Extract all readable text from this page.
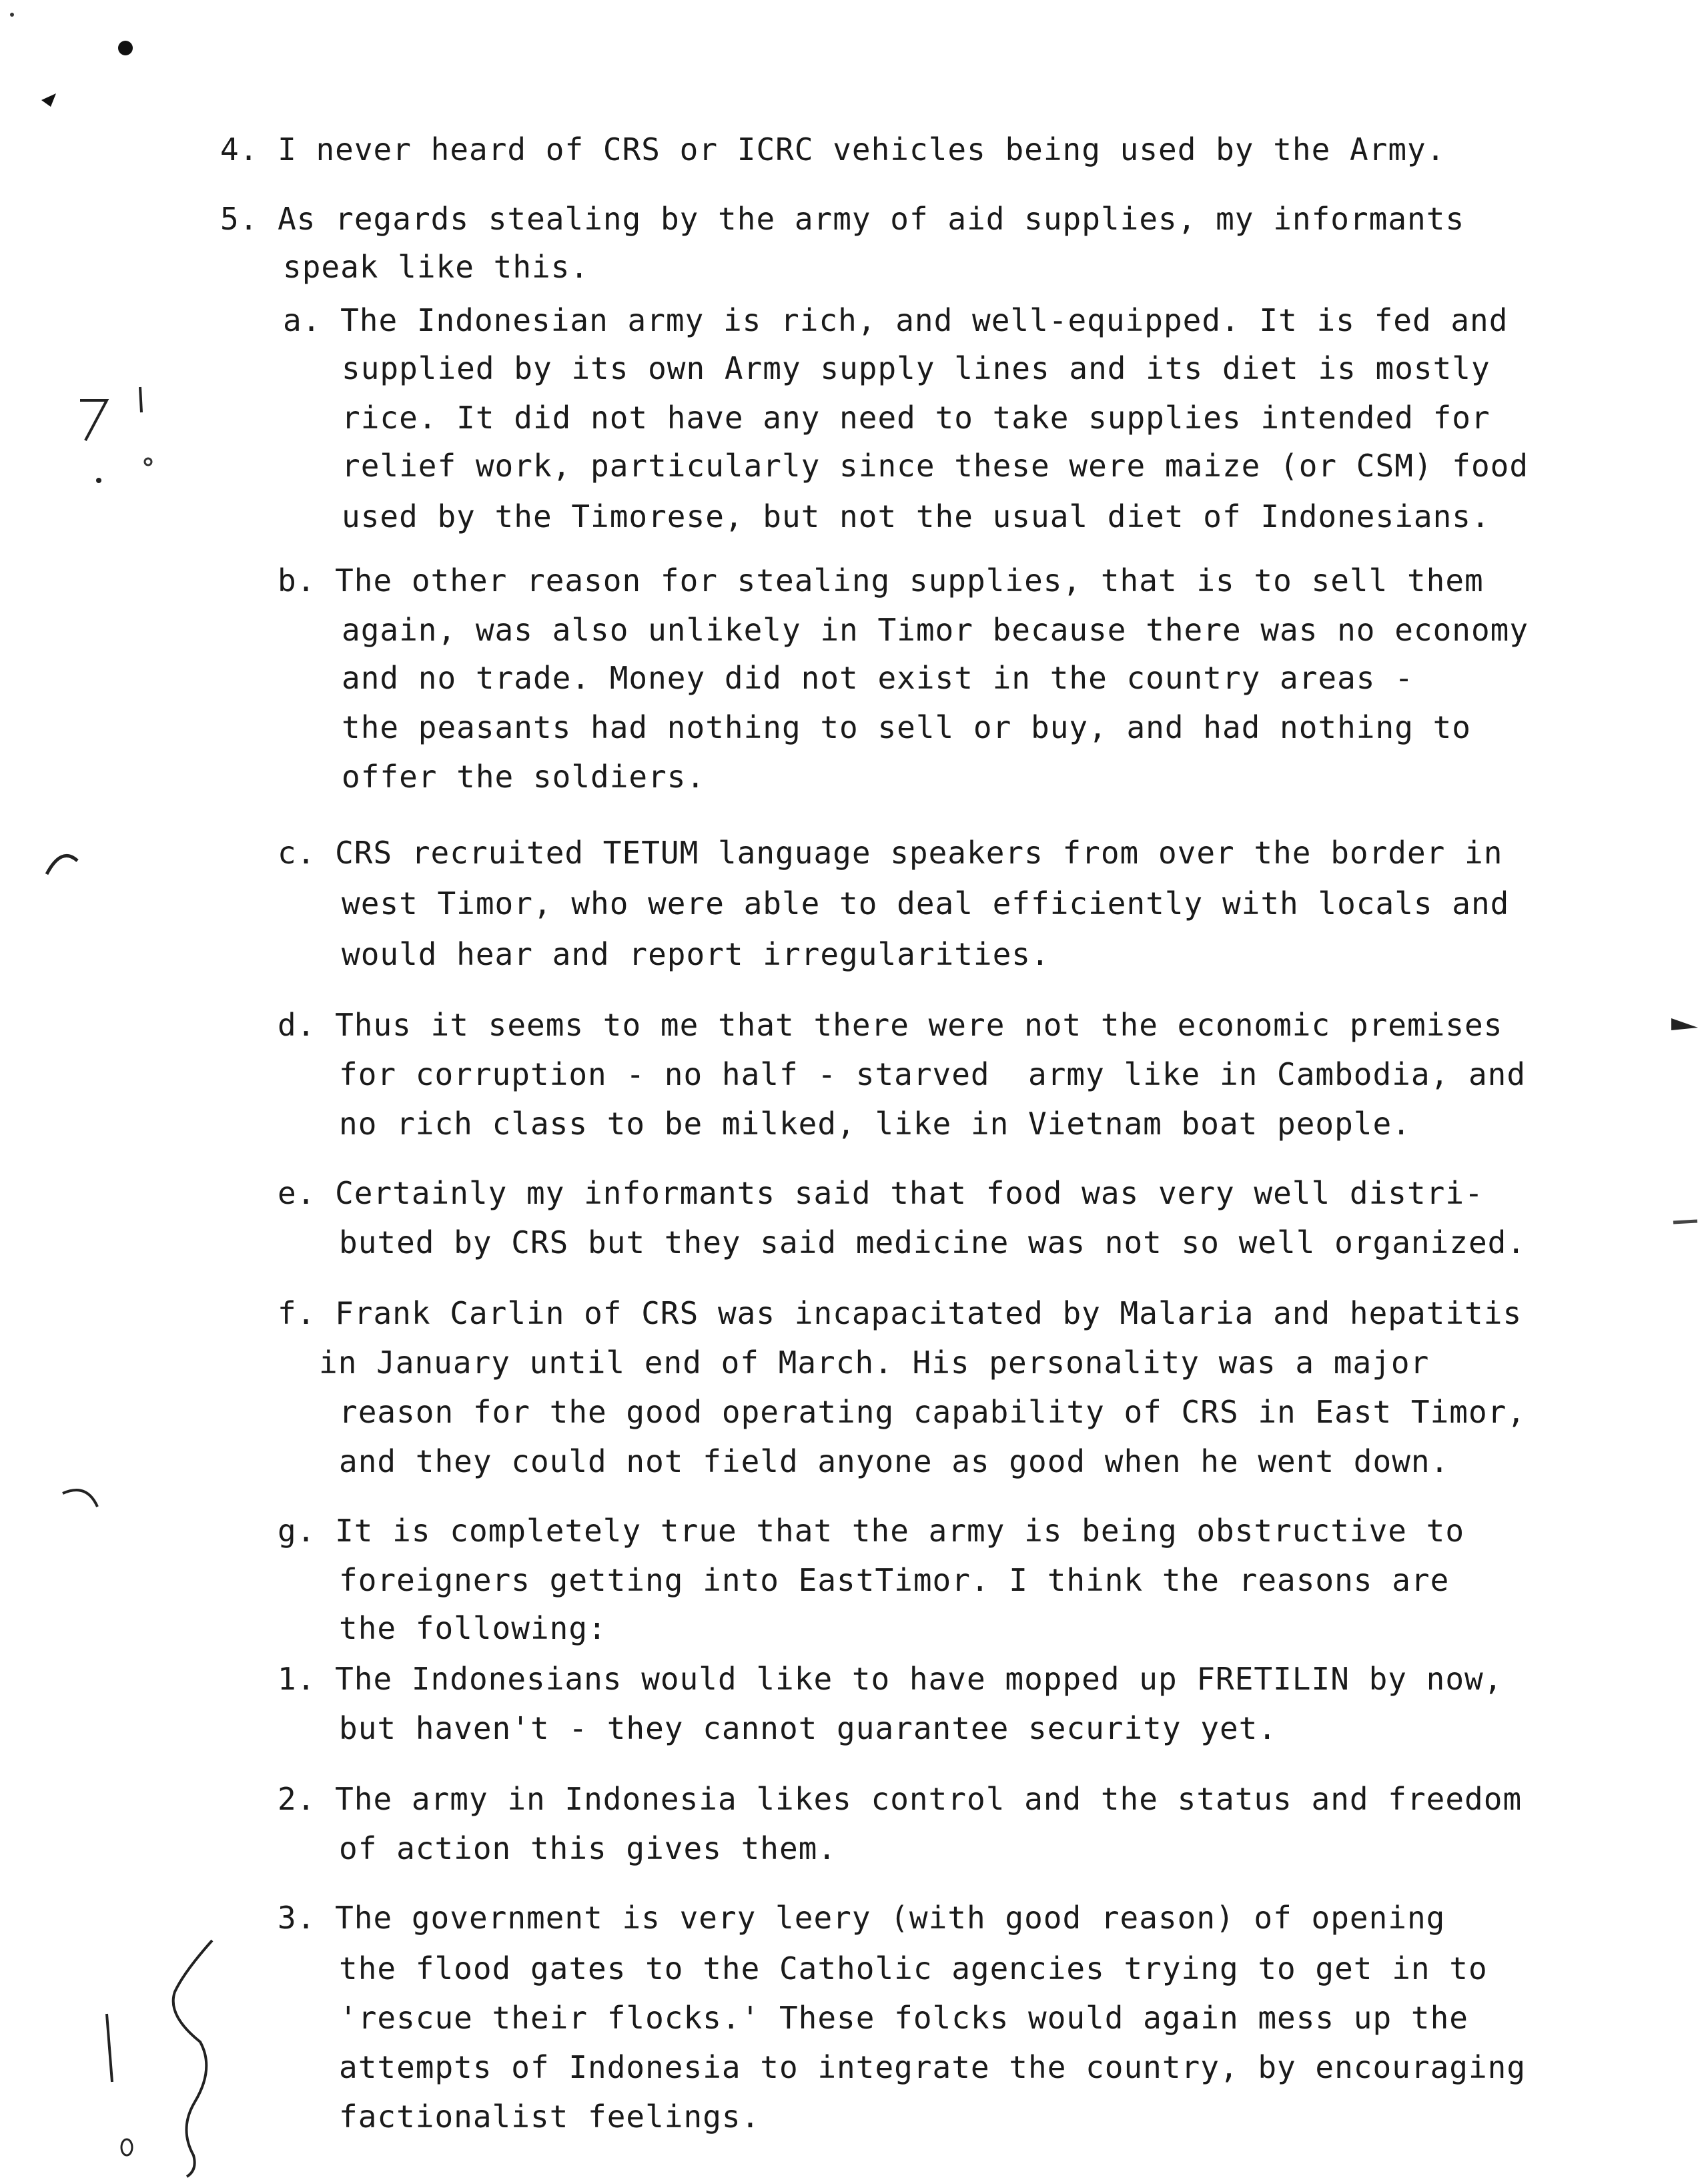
4. I never heard of CRS or ICRC vehicles being used by the Army.
5. As regards stealing by the army of aid supplies, my informants
speak like this.
a. The Indonesian army is rich, and well-equipped. It is fed and
supplied by its own Army supply lines and its diet is mostly
rice. It did not have any need to take supplies intended for
relief work, particularly since these were maize (or CSM) food
used by the Timorese, but not the usual diet of Indonesians.
b. The other reason for stealing supplies, that is to sell them
again, was also unlikely in Timor because there was no economy
and no trade. Money did not exist in the country areas -
the peasants had nothing to sell or buy, and had nothing to
offer the soldiers.
c. CRS recruited TETUM language speakers from over the border in
west Timor, who were able to deal efficiently with locals and
would hear and report irregularities.
d. Thus it seems to me that there were not the economic premises
for corruption - no half - starved  army like in Cambodia, and
no rich class to be milked, like in Vietnam boat people.
e. Certainly my informants said that food was very well distri-
buted by CRS but they said medicine was not so well organized.
f. Frank Carlin of CRS was incapacitated by Malaria and hepatitis
in January until end of March. His personality was a major
reason for the good operating capability of CRS in East Timor,
and they could not field anyone as good when he went down.
g. It is completely true that the army is being obstructive to
foreigners getting into EastTimor. I think the reasons are
the following:
1. The Indonesians would like to have mopped up FRETILIN by now,
but haven't - they cannot guarantee security yet.
2. The army in Indonesia likes control and the status and freedom
of action this gives them.
3. The government is very leery (with good reason) of opening
the flood gates to the Catholic agencies trying to get in to
'rescue their flocks.' These folcks would again mess up the
attempts of Indonesia to integrate the country, by encouraging
factionalist feelings.
